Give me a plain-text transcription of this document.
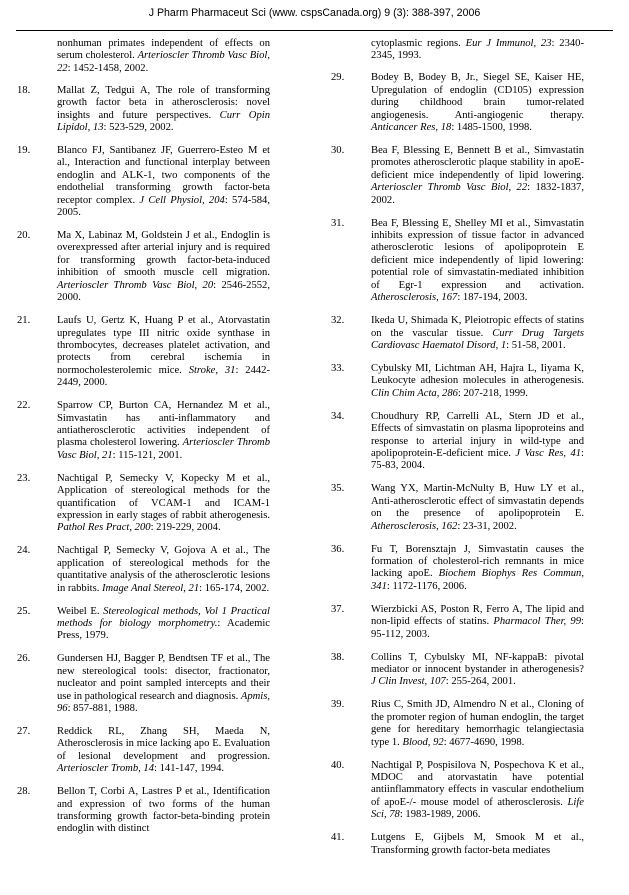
J Pharm Pharmaceut Sci (www. cspsCanada.org) 9 (3): 388-397, 2006
nonhuman primates independent of effects on serum cholesterol. Arterioscler Thromb Vasc Biol, 22: 1452-1458, 2002.
18.	Mallat Z, Tedgui A, The role of transforming growth factor beta in atherosclerosis: novel insights and future perspectives. Curr Opin Lipidol, 13: 523-529, 2002.
19.	Blanco FJ, Santibanez JF, Guerrero-Esteo M et al., Interaction and functional interplay between endoglin and ALK-1, two components of the endothelial transforming growth factor-beta receptor complex. J Cell Physiol, 204: 574-584, 2005.
20.	Ma X, Labinaz M, Goldstein J et al., Endoglin is overexpressed after arterial injury and is required for transforming growth factor-beta-induced inhibition of smooth muscle cell migration. Arterioscler Thromb Vasc Biol, 20: 2546-2552, 2000.
21.	Laufs U, Gertz K, Huang P et al., Atorvastatin upregulates type III nitric oxide synthase in thrombocytes, decreases platelet activation, and protects from cerebral ischemia in normocholesterolemic mice. Stroke, 31: 2442-2449, 2000.
22.	Sparrow CP, Burton CA, Hernandez M et al., Simvastatin has anti-inflammatory and antiatherosclerotic activities independent of plasma cholesterol lowering. Arterioscler Thromb Vasc Biol, 21: 115-121, 2001.
23.	Nachtigal P, Semecky V, Kopecky M et al., Application of stereological methods for the quantification of VCAM-1 and ICAM-1 expression in early stages of rabbit atherogenesis. Pathol Res Pract, 200: 219-229, 2004.
24.	Nachtigal P, Semecky V, Gojova A et al., The application of stereological methods for the quantitative analysis of the atherosclerotic lesions in rabbits. Image Anal Stereol, 21: 165-174, 2002.
25.	Weibel E. Stereological methods, Vol 1 Practical methods for biology morphometry.: Academic Press, 1979.
26.	Gundersen HJ, Bagger P, Bendtsen TF et al., The new stereological tools: disector, fractionator, nucleator and point sampled intercepts and their use in pathological research and diagnosis. Apmis, 96: 857-881, 1988.
27.	Reddick RL, Zhang SH, Maeda N, Atherosclerosis in mice lacking apo E. Evaluation of lesional development and progression. Arterioscler Tromb, 14: 141-147, 1994.
28.	Bellon T, Corbi A, Lastres P et al., Identification and expression of two forms of the human transforming growth factor-beta-binding protein endoglin with distinct
cytoplasmic regions. Eur J Immunol, 23: 2340-2345, 1993.
29.	Bodey B, Bodey B, Jr., Siegel SE, Kaiser HE, Upregulation of endoglin (CD105) expression during childhood brain tumor-related angiogenesis. Anti-angiogenic therapy. Anticancer Res, 18: 1485-1500, 1998.
30.	Bea F, Blessing E, Bennett B et al., Simvastatin promotes atherosclerotic plaque stability in apoE-deficient mice independently of lipid lowering. Arterioscler Thromb Vasc Biol, 22: 1832-1837, 2002.
31.	Bea F, Blessing E, Shelley MI et al., Simvastatin inhibits expression of tissue factor in advanced atherosclerotic lesions of apolipoprotein E deficient mice independently of lipid lowering: potential role of simvastatin-mediated inhibition of Egr-1 expression and activation. Atherosclerosis, 167: 187-194, 2003.
32.	Ikeda U, Shimada K, Pleiotropic effects of statins on the vascular tissue. Curr Drug Targets Cardiovasc Haematol Disord, 1: 51-58, 2001.
33.	Cybulsky MI, Lichtman AH, Hajra L, Iiyama K, Leukocyte adhesion molecules in atherogenesis. Clin Chim Acta, 286: 207-218, 1999.
34.	Choudhury RP, Carrelli AL, Stern JD et al., Effects of simvastatin on plasma lipoproteins and response to arterial injury in wild-type and apolipoprotein-E-deficient mice. J Vasc Res, 41: 75-83, 2004.
35.	Wang YX, Martin-McNulty B, Huw LY et al., Anti-atherosclerotic effect of simvastatin depends on the presence of apolipoprotein E. Atherosclerosis, 162: 23-31, 2002.
36.	Fu T, Borensztajn J, Simvastatin causes the formation of cholesterol-rich remnants in mice lacking apoE. Biochem Biophys Res Commun, 341: 1172-1176, 2006.
37.	Wierzbicki AS, Poston R, Ferro A, The lipid and non-lipid effects of statins. Pharmacol Ther, 99: 95-112, 2003.
38.	Collins T, Cybulsky MI, NF-kappaB: pivotal mediator or innocent bystander in atherogenesis? J Clin Invest, 107: 255-264, 2001.
39.	Rius C, Smith JD, Almendro N et al., Cloning of the promoter region of human endoglin, the target gene for hereditary hemorrhagic telangiectasia type 1. Blood, 92: 4677-4690, 1998.
40.	Nachtigal P, Pospisilova N, Pospechova K et al., MDOC and atorvastatin have potential antiinflammatory effects in vascular endothelium of apoE-/- mouse model of atherosclerosis. Life Sci, 78: 1983-1989, 2006.
41.	Lutgens E, Gijbels M, Smook M et al., Transforming growth factor-beta mediates
